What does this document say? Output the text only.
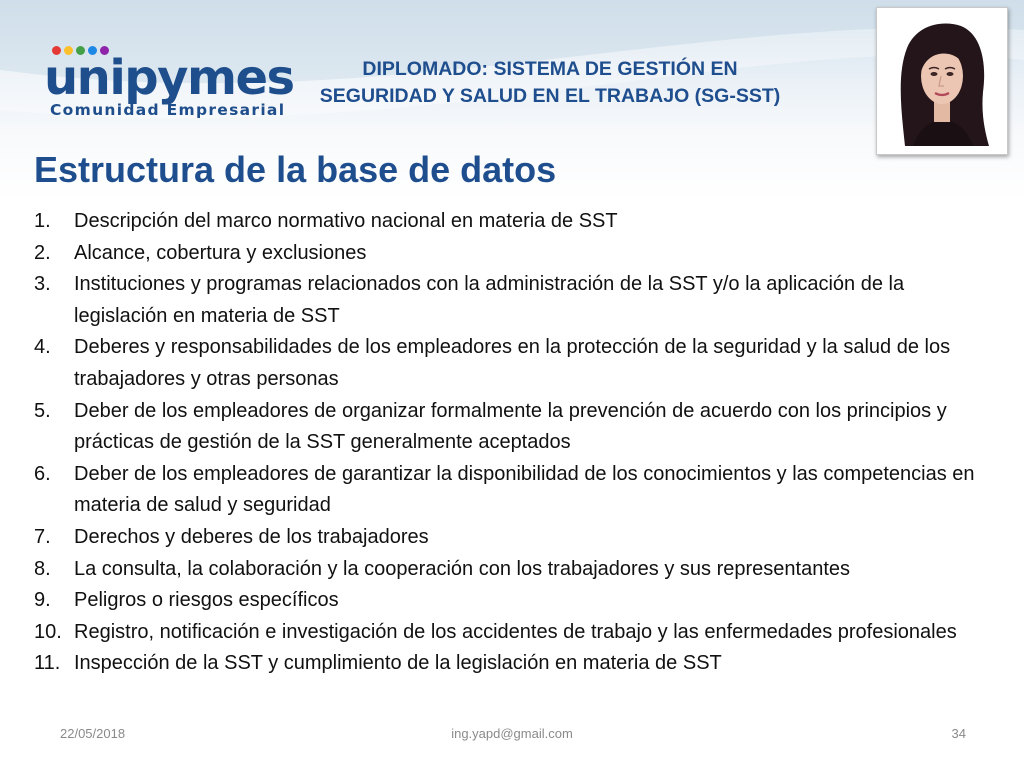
unipymes
Comunidad Empresarial
DIPLOMADO: SISTEMA DE GESTIÓN EN
SEGURIDAD Y SALUD EN EL TRABAJO (SG-SST)
Estructura de la base de datos
1.	Descripción del marco normativo nacional en materia de SST
2.	Alcance, cobertura y exclusiones
3.	Instituciones y programas relacionados con la administración de la SST y/o la aplicación de la legislación en materia de SST
4.	Deberes y responsabilidades de los empleadores en la protección de la seguridad y la salud de los trabajadores y otras personas
5.	Deber de los empleadores de organizar formalmente la prevención de acuerdo con los principios y prácticas de gestión de la SST generalmente aceptados
6.	Deber de los empleadores de garantizar la disponibilidad de los conocimientos y las competencias en materia de salud y seguridad
7.	Derechos y deberes de los trabajadores
8.	La consulta, la colaboración y la cooperación con los trabajadores y sus representantes
9.	Peligros o riesgos específicos
10. Registro, notificación e investigación de los accidentes de trabajo y las enfermedades profesionales
11. Inspección de la SST y cumplimiento de la legislación en materia de SST
22/05/2018	ing.yapd@gmail.com	34
